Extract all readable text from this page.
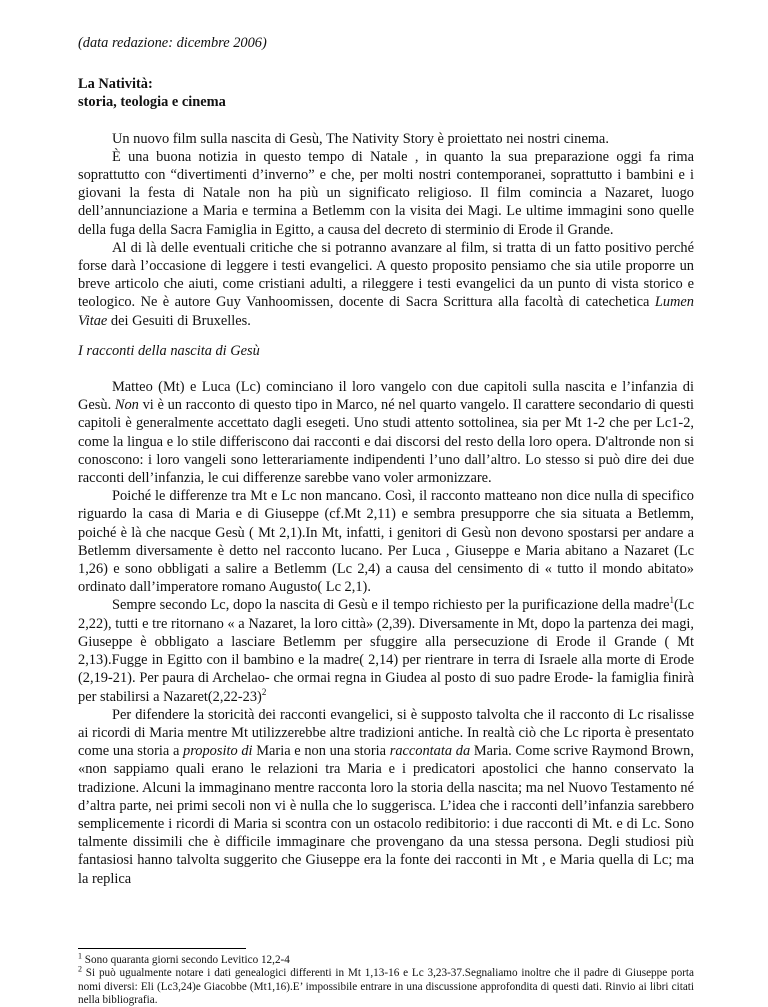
(data redazione: dicembre 2006)
La Natività:
storia, teologia e cinema

Un nuovo film sulla nascita di Gesù, The Nativity Story è proiettato nei nostri cinema.

È una buona notizia in questo tempo di Natale , in quanto la sua preparazione oggi fa rima soprattutto con “divertimenti d’inverno” e che, per molti nostri contemporanei, soprattutto i bambini e i giovani la festa di Natale non ha più un significato religioso. Il film comincia a Nazaret, luogo dell’annunciazione a Maria e termina a Betlemm con la visita dei Magi. Le ultime immagini sono quelle della fuga della Sacra Famiglia in Egitto, a causa del decreto di sterminio di Erode il Grande.

Al di là delle eventuali critiche che si potranno avanzare al film, si tratta di un fatto positivo perché forse darà l’occasione di leggere i testi evangelici. A questo proposito pensiamo che sia utile proporre un breve articolo che aiuti, come cristiani adulti, a rileggere i testi evangelici da un punto di vista storico e teologico. Ne è autore Guy Vanhoomissen, docente di Sacra Scrittura alla facoltà di catechetica Lumen Vitae dei Gesuiti di Bruxelles.

I racconti della nascita di Gesù

Matteo (Mt) e Luca (Lc) cominciano il loro vangelo con due capitoli sulla nascita e l’infanzia di Gesù. Non vi è un racconto di questo tipo in Marco, né nel quarto vangelo. Il carattere secondario di questi capitoli è generalmente accettato dagli esegeti. Uno studi attento sottolinea, sia per Mt 1-2 che per Lc1-2, come la lingua e lo stile differiscono dai racconti e dai discorsi del resto della loro opera. D'altronde non si conoscono: i loro vangeli sono letterariamente indipendenti l’uno dall’altro. Lo stesso si può dire dei due racconti dell’infanzia, le cui differenze sarebbe vano voler armonizzare.

Poiché le differenze tra Mt e Lc non mancano. Così, il racconto matteano non dice nulla di specifico riguardo la casa di Maria e di Giuseppe (cf.Mt 2,11) e sembra presupporre che sia situata a Betlemm, poiché è là che nacque Gesù ( Mt 2,1).In Mt, infatti, i genitori di Gesù non devono spostarsi per andare a Betlemm diversamente è detto nel racconto lucano. Per Luca , Giuseppe e Maria abitano a Nazaret (Lc 1,26) e sono obbligati a salire a Betlemm (Lc 2,4) a causa del censimento di « tutto il mondo abitato» ordinato dall’imperatore romano Augusto( Lc 2,1).

Sempre secondo Lc, dopo la nascita di Gesù e il tempo richiesto per la purificazione della madre$^1$(Lc 2,22), tutti e tre ritornano « a Nazaret, la loro città» (2,39). Diversamente in Mt, dopo la partenza dei magi, Giuseppe è obbligato a lasciare Betlemm per sfuggire alla persecuzione di Erode il Grande ( Mt 2,13).Fugge in Egitto con il bambino e la madre( 2,14) per rientrare in terra di Israele alla morte di Erode (2,19-21). Per paura di Archelao- che ormai regna in Giudea al posto di suo padre Erode- la famiglia finirà per stabilirsi a $Nazaret(2,22-23)^2$

Per difendere la storicità dei racconti evangelici, si è supposto talvolta che il racconto di Lc risalisse ai ricordi di Maria mentre Mt utilizzerebbe altre tradizioni antiche. In realtà ciò che Lc riporta è presentato come una storia a proposito di Maria e non una storia raccontata da Maria. Come scrive Raymond Brown, «non sappiamo quali erano le relazioni tra Maria e i predicatori apostolici che hanno conservato la tradizione. Alcuni la immaginano mentre racconta loro la storia della nascita; ma nel Nuovo Testamento né d’altra parte, nei primi secoli non vi è nulla che lo suggerisca. L’idea che i racconti dell’infanzia sarebbero semplicemente i ricordi di Maria si scontra con un ostacolo redibitorio: i due racconti di Mt. e di Lc. Sono talmente dissimili che è difficile immaginare che provengano da una stessa persona. Degli studiosi più fantasiosi hanno talvolta suggerito che Giuseppe era la fonte dei racconti in Mt , e Maria quella di Lc; ma la replica

$^1$ Sono quaranta giorni secondo Levitico 12,2-4

$^2$ Si può ugualmente notare i dati genealogici differenti in Mt 1,13-16 e Lc 3,23-37.Segnaliamo inoltre che il padre di Giuseppe porta nomi diversi: Eli (Lc3,24)e Giacobbe (Mt1,16).E’ impossibile entrare in una discussione approfondita di questi dati. Rinvio ai libri citati nella bibliografia.
